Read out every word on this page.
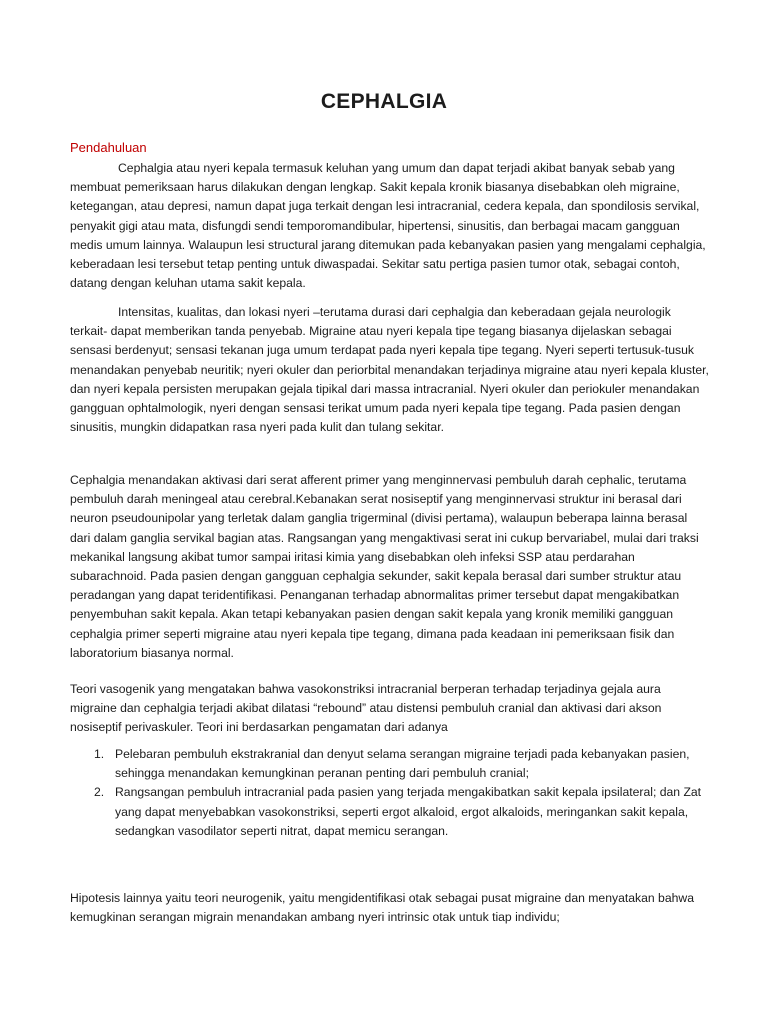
CEPHALGIA
Pendahuluan

Cephalgia atau nyeri kepala termasuk keluhan yang umum dan dapat terjadi akibat banyak sebab yang membuat pemeriksaan harus dilakukan dengan lengkap. Sakit kepala kronik biasanya disebabkan oleh migraine, ketegangan, atau depresi, namun dapat juga terkait dengan lesi intracranial, cedera kepala, dan spondilosis servikal, penyakit gigi atau mata, disfungdi sendi temporomandibular, hipertensi, sinusitis, dan berbagai macam gangguan medis umum lainnya. Walaupun lesi structural jarang ditemukan pada kebanyakan pasien yang mengalami cephalgia, keberadaan lesi tersebut tetap penting untuk diwaspadai. Sekitar satu pertiga pasien tumor otak, sebagai contoh, datang dengan keluhan utama sakit kepala.

Intensitas, kualitas, dan lokasi nyeri –terutama durasi dari cephalgia dan keberadaan gejala neurologik terkait- dapat memberikan tanda penyebab. Migraine atau nyeri kepala tipe tegang biasanya dijelaskan sebagai sensasi berdenyut; sensasi tekanan juga umum terdapat pada nyeri kepala tipe tegang. Nyeri seperti tertusuk-tusuk menandakan penyebab neuritik; nyeri okuler dan periorbital menandakan terjadinya migraine atau nyeri kepala kluster, dan nyeri kepala persisten merupakan gejala tipikal dari massa intracranial. Nyeri okuler dan periokuler menandakan gangguan ophtalmologik, nyeri dengan sensasi terikat umum pada nyeri kepala tipe tegang. Pada pasien dengan sinusitis, mungkin didapatkan rasa nyeri pada kulit dan tulang sekitar.

Cephalgia menandakan aktivasi dari serat afferent primer yang menginnervasi pembuluh darah cephalic, terutama pembuluh darah meningeal atau cerebral.Kebanakan serat nosiseptif yang menginnervasi struktur ini berasal dari neuron pseudounipolar yang terletak dalam ganglia trigerminal (divisi pertama), walaupun beberapa lainna berasal dari dalam ganglia servikal bagian atas. Rangsangan yang mengaktivasi serat ini cukup bervariabel, mulai dari traksi mekanikal langsung akibat tumor sampai iritasi kimia yang disebabkan oleh infeksi SSP atau perdarahan subarachnoid. Pada pasien dengan gangguan cephalgia sekunder, sakit kepala berasal dari sumber struktur atau peradangan yang dapat teridentifikasi. Penanganan terhadap abnormalitas primer tersebut dapat mengakibatkan penyembuhan sakit kepala. Akan tetapi kebanyakan pasien dengan sakit kepala yang kronik memiliki gangguan cephalgia primer seperti migraine atau nyeri kepala tipe tegang, dimana pada keadaan ini pemeriksaan fisik dan laboratorium biasanya normal.

Teori vasogenik yang mengatakan bahwa vasokonstriksi intracranial berperan terhadap terjadinya gejala aura migraine dan cephalgia terjadi akibat dilatasi “rebound” atau distensi pembuluh cranial dan aktivasi dari akson nosiseptif perivaskuler. Teori ini berdasarkan pengamatan dari adanya

1. Pelebaran pembuluh ekstrakranial dan denyut selama serangan migraine terjadi pada kebanyakan pasien, sehingga menandakan kemungkinan peranan penting dari pembuluh cranial;
2. Rangsangan pembuluh intracranial pada pasien yang terjada mengakibatkan sakit kepala ipsilateral; dan Zat yang dapat menyebabkan vasokonstriksi, seperti ergot alkaloid, ergot alkaloids, meringankan sakit kepala, sedangkan vasodilator seperti nitrat, dapat memicu serangan.

Hipotesis lainnya yaitu teori neurogenik, yaitu mengidentifikasi otak sebagai pusat migraine dan menyatakan bahwa kemugkinan serangan migrain menandakan ambang nyeri intrinsic otak untuk tiap individu;
